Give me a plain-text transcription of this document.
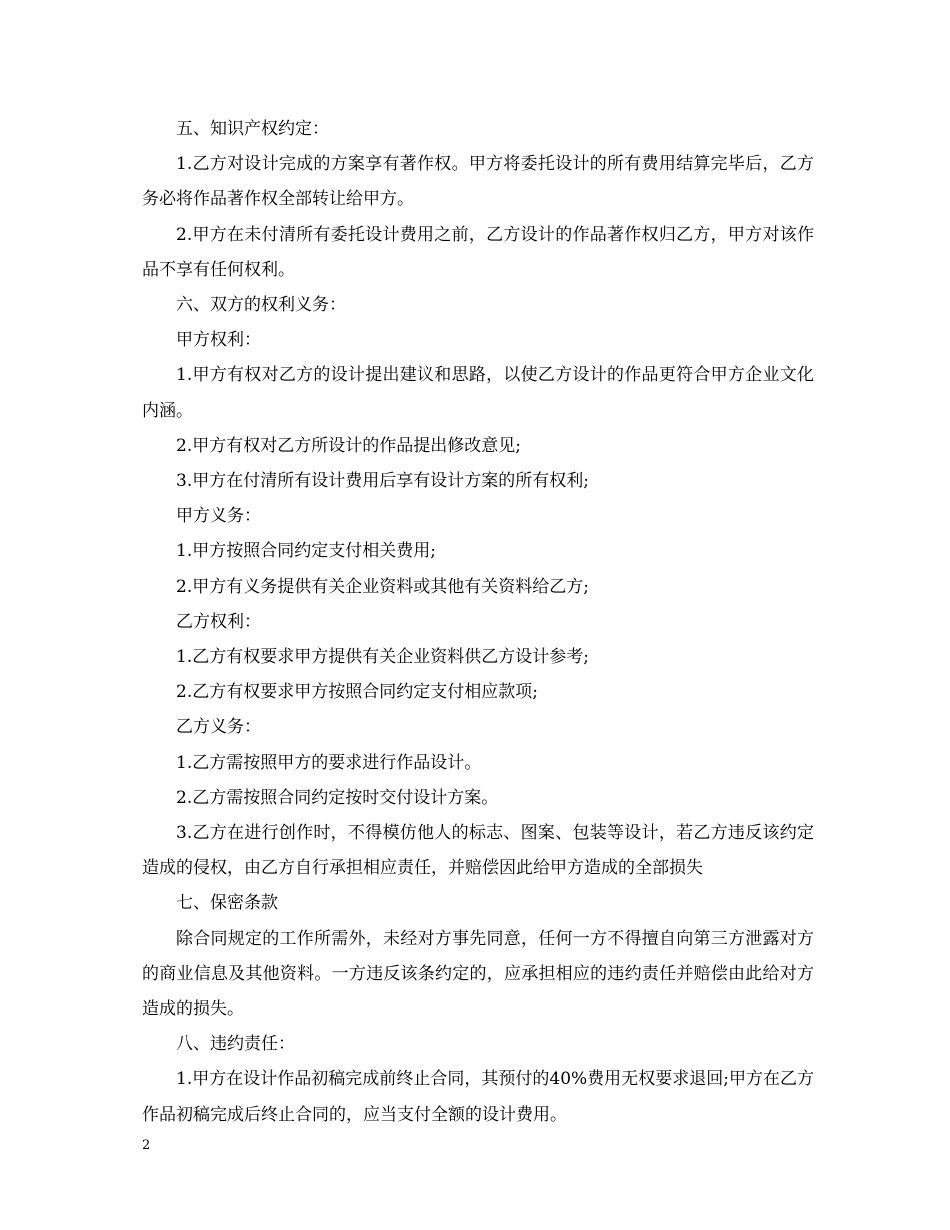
五、知识产权约定：

1.乙方对设计完成的方案享有著作权。甲方将委托设计的所有费用结算完毕后，乙方务必将作品著作权全部转让给甲方。

2.甲方在未付清所有委托设计费用之前，乙方设计的作品著作权归乙方，甲方对该作品不享有任何权利。

六、双方的权利义务：

甲方权利：

1.甲方有权对乙方的设计提出建议和思路，以使乙方设计的作品更符合甲方企业文化内涵。

2.甲方有权对乙方所设计的作品提出修改意见;

3.甲方在付清所有设计费用后享有设计方案的所有权利;

甲方义务：

1.甲方按照合同约定支付相关费用;

2.甲方有义务提供有关企业资料或其他有关资料给乙方;

乙方权利：

1.乙方有权要求甲方提供有关企业资料供乙方设计参考;

2.乙方有权要求甲方按照合同约定支付相应款项;

乙方义务：

1.乙方需按照甲方的要求进行作品设计。

2.乙方需按照合同约定按时交付设计方案。

3.乙方在进行创作时，不得模仿他人的标志、图案、包装等设计，若乙方违反该约定造成的侵权，由乙方自行承担相应责任，并赔偿因此给甲方造成的全部损失

七、保密条款

除合同规定的工作所需外，未经对方事先同意，任何一方不得擅自向第三方泄露对方的商业信息及其他资料。一方违反该条约定的，应承担相应的违约责任并赔偿由此给对方造成的损失。

八、违约责任：

1.甲方在设计作品初稿完成前终止合同，其预付的40%费用无权要求退回;甲方在乙方作品初稿完成后终止合同的，应当支付全额的设计费用。

2
